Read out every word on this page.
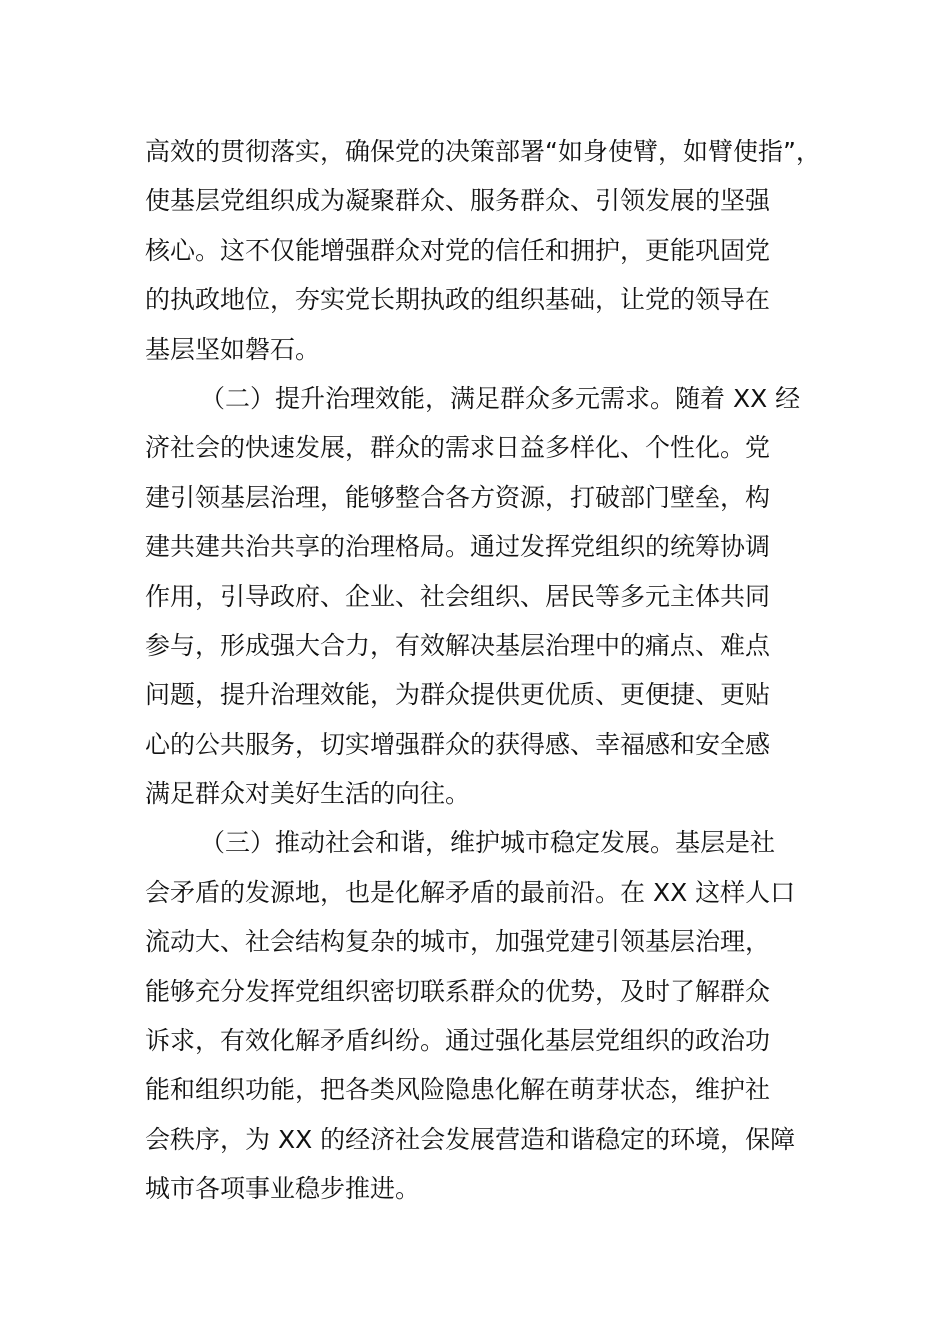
高效的贯彻落实，确保党的决策部署“如身使臂，如臂使指”，
使基层党组织成为凝聚群众、服务群众、引领发展的坚强
核心。这不仅能增强群众对党的信任和拥护，更能巩固党
的执政地位，夯实党长期执政的组织基础，让党的领导在
基层坚如磐石。
（二）提升治理效能，满足群众多元需求。随着 XX 经
济社会的快速发展，群众的需求日益多样化、个性化。党
建引领基层治理，能够整合各方资源，打破部门壁垒，构
建共建共治共享的治理格局。通过发挥党组织的统筹协调
作用，引导政府、企业、社会组织、居民等多元主体共同
参与，形成强大合力，有效解决基层治理中的痛点、难点
问题，提升治理效能，为群众提供更优质、更便捷、更贴
心的公共服务，切实增强群众的获得感、幸福感和安全感
满足群众对美好生活的向往。
（三）推动社会和谐，维护城市稳定发展。基层是社
会矛盾的发源地，也是化解矛盾的最前沿。在 XX 这样人口
流动大、社会结构复杂的城市，加强党建引领基层治理，
能够充分发挥党组织密切联系群众的优势，及时了解群众
诉求，有效化解矛盾纠纷。通过强化基层党组织的政治功
能和组织功能，把各类风险隐患化解在萌芽状态，维护社
会秩序，为 XX 的经济社会发展营造和谐稳定的环境，保障
城市各项事业稳步推进。
